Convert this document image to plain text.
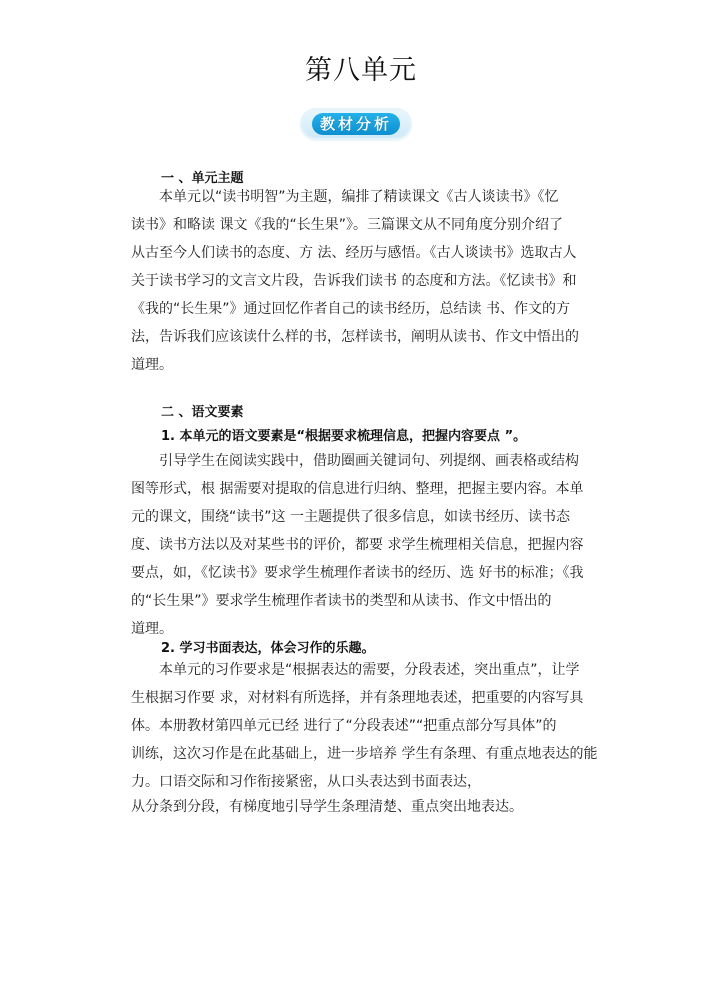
第八单元
教材分析
一 、单元主题
本单元以“读书明智”为主题，编排了精读课文《古人谈读书》《忆
读书》和略读 课文《我的“长生果”》。三篇课文从不同角度分别介绍了
从古至今人们读书的态度、方 法、经历与感悟。《古人谈读书》选取古人
关于读书学习的文言文片段，告诉我们读书 的态度和方法。《忆读书》和
《我的“长生果”》通过回忆作者自己的读书经历，总结读 书、作文的方
法，告诉我们应该读什么样的书，怎样读书，阐明从读书、作文中悟出的
道理。
二 、语文要素
1. 本单元的语文要素是“根据要求梳理信息，把握内容要点 ”。
引导学生在阅读实践中，借助圈画关键词句、列提纲、画表格或结构
图等形式，根 据需要对提取的信息进行归纳、整理，把握主要内容。本单
元的课文，围绕“读书”这 一主题提供了很多信息，如读书经历、读书态
度、读书方法以及对某些书的评价，都要 求学生梳理相关信息，把握内容
要点，如，《忆读书》要求学生梳理作者读书的经历、选 好书的标准；《我
的“长生果”》要求学生梳理作者读书的类型和从读书、作文中悟出的
道理。
2. 学习书面表达，体会习作的乐趣。
本单元的习作要求是“根据表达的需要，分段表述，突出重点”，让学
生根据习作要 求，对材料有所选择，并有条理地表述，把重要的内容写具
体。本册教材第四单元已经 进行了“分段表述”“把重点部分写具体”的
训练，这次习作是在此基础上，进一步培养 学生有条理、有重点地表达的能
力。口语交际和习作衔接紧密，从口头表达到书面表达，
从分条到分段，有梯度地引导学生条理清楚、重点突出地表达。
